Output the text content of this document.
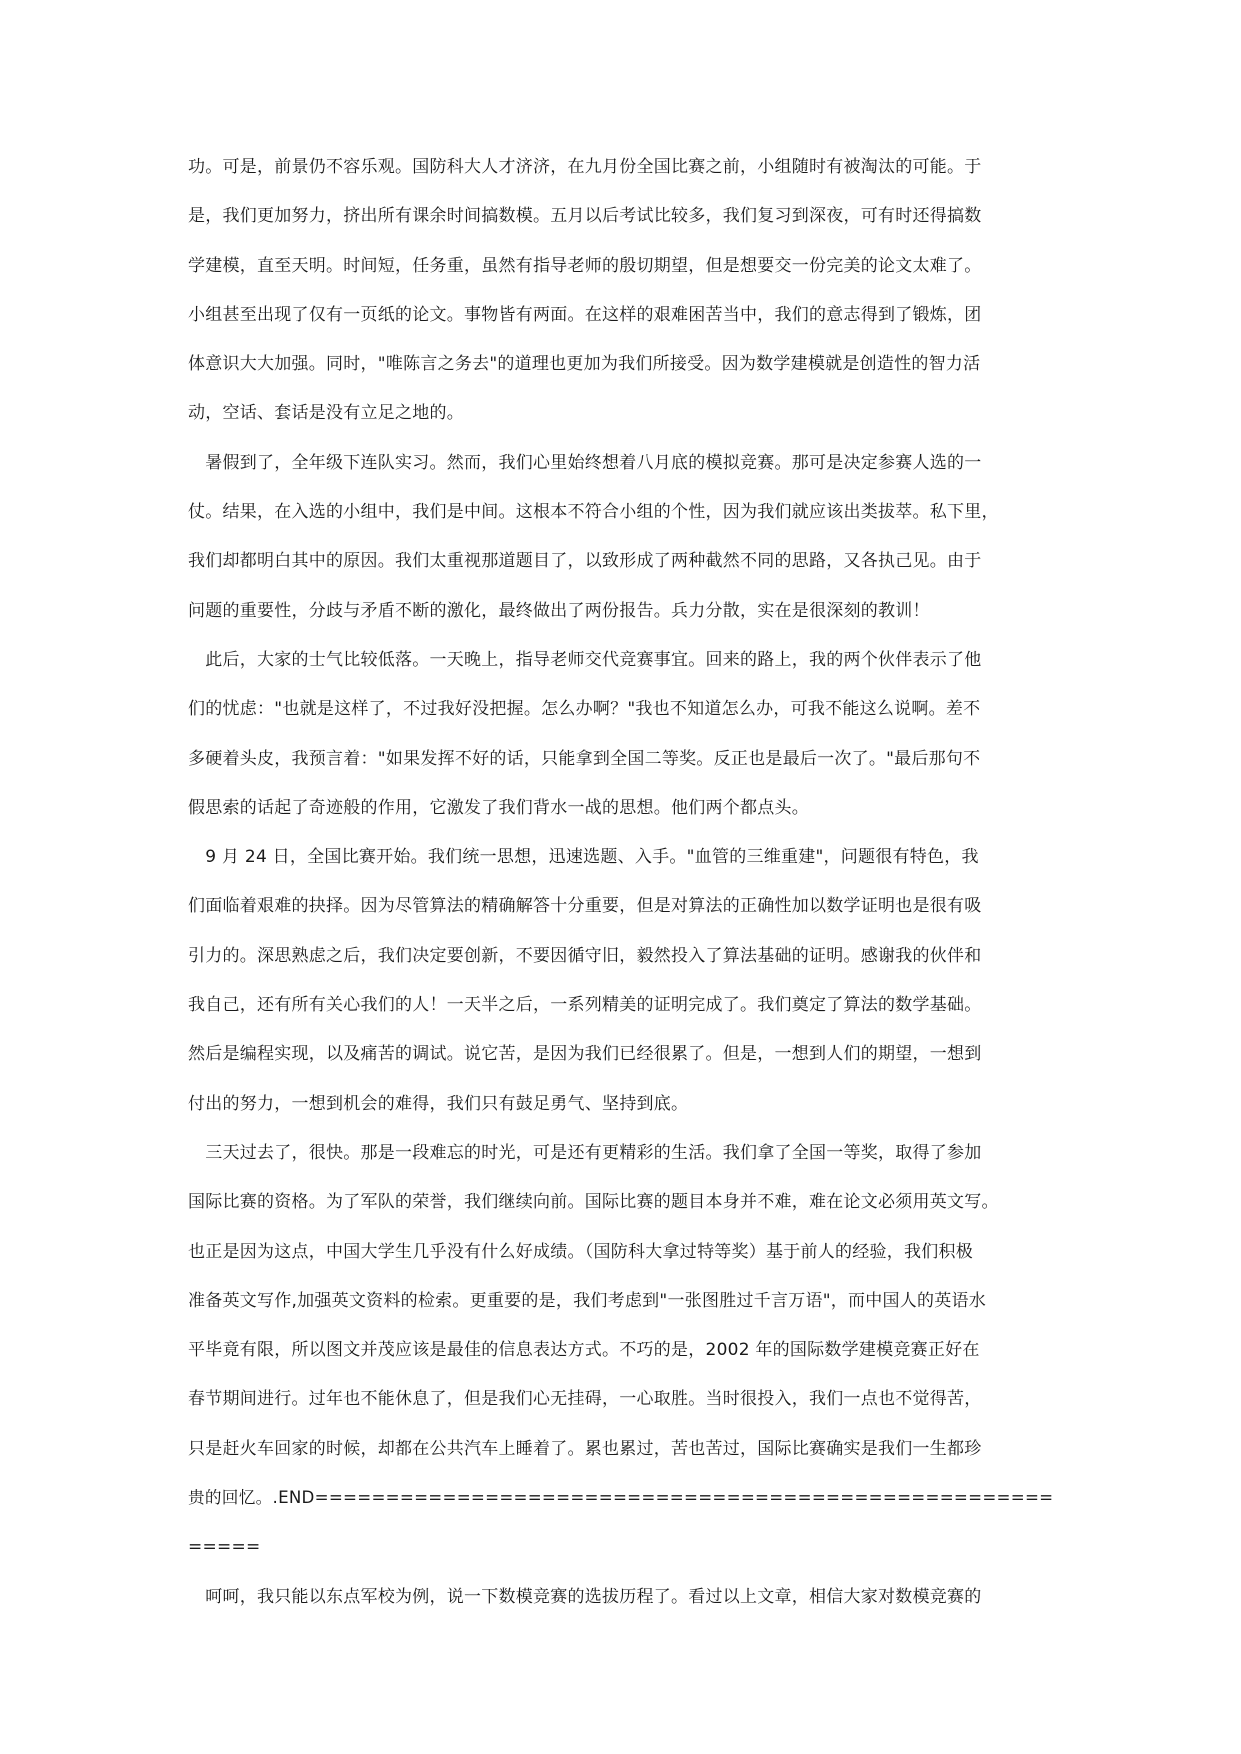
功。可是，前景仍不容乐观。国防科大人才济济，在九月份全国比赛之前，小组随时有被淘汰的可能。于
是，我们更加努力，挤出所有课余时间搞数模。五月以后考试比较多，我们复习到深夜，可有时还得搞数
学建模，直至天明。时间短，任务重，虽然有指导老师的殷切期望，但是想要交一份完美的论文太难了。
小组甚至出现了仅有一页纸的论文。事物皆有两面。在这样的艰难困苦当中，我们的意志得到了锻炼，团
体意识大大加强。同时，"唯陈言之务去"的道理也更加为我们所接受。因为数学建模就是创造性的智力活
动，空话、套话是没有立足之地的。
　暑假到了，全年级下连队实习。然而，我们心里始终想着八月底的模拟竞赛。那可是决定参赛人选的一
仗。结果，在入选的小组中，我们是中间。这根本不符合小组的个性，因为我们就应该出类拔萃。私下里，
我们却都明白其中的原因。我们太重视那道题目了，以致形成了两种截然不同的思路，又各执己见。由于
问题的重要性，分歧与矛盾不断的激化，最终做出了两份报告。兵力分散，实在是很深刻的教训！
　此后，大家的士气比较低落。一天晚上，指导老师交代竞赛事宜。回来的路上，我的两个伙伴表示了他
们的忧虑："也就是这样了，不过我好没把握。怎么办啊？"我也不知道怎么办，可我不能这么说啊。差不
多硬着头皮，我预言着："如果发挥不好的话，只能拿到全国二等奖。反正也是最后一次了。"最后那句不
假思索的话起了奇迹般的作用，它激发了我们背水一战的思想。他们两个都点头。
　9 月 24 日，全国比赛开始。我们统一思想，迅速选题、入手。"血管的三维重建"，问题很有特色，我
们面临着艰难的抉择。因为尽管算法的精确解答十分重要，但是对算法的正确性加以数学证明也是很有吸
引力的。深思熟虑之后，我们决定要创新，不要因循守旧，毅然投入了算法基础的证明。感谢我的伙伴和
我自己，还有所有关心我们的人！一天半之后，一系列精美的证明完成了。我们奠定了算法的数学基础。
然后是编程实现，以及痛苦的调试。说它苦，是因为我们已经很累了。但是，一想到人们的期望，一想到
付出的努力，一想到机会的难得，我们只有鼓足勇气、坚持到底。
　三天过去了，很快。那是一段难忘的时光，可是还有更精彩的生活。我们拿了全国一等奖，取得了参加
国际比赛的资格。为了军队的荣誉，我们继续向前。国际比赛的题目本身并不难，难在论文必须用英文写。
也正是因为这点，中国大学生几乎没有什么好成绩。（国防科大拿过特等奖）基于前人的经验，我们积极
准备英文写作,加强英文资料的检索。更重要的是，我们考虑到"一张图胜过千言万语"，而中国人的英语水
平毕竟有限，所以图文并茂应该是最佳的信息表达方式。不巧的是，2002 年的国际数学建模竞赛正好在
春节期间进行。过年也不能休息了，但是我们心无挂碍，一心取胜。当时很投入，我们一点也不觉得苦，
只是赶火车回家的时候，却都在公共汽车上睡着了。累也累过，苦也苦过，国际比赛确实是我们一生都珍
贵的回忆。.END====================================================
=====
　呵呵，我只能以东点军校为例，说一下数模竞赛的选拔历程了。看过以上文章，相信大家对数模竞赛的
